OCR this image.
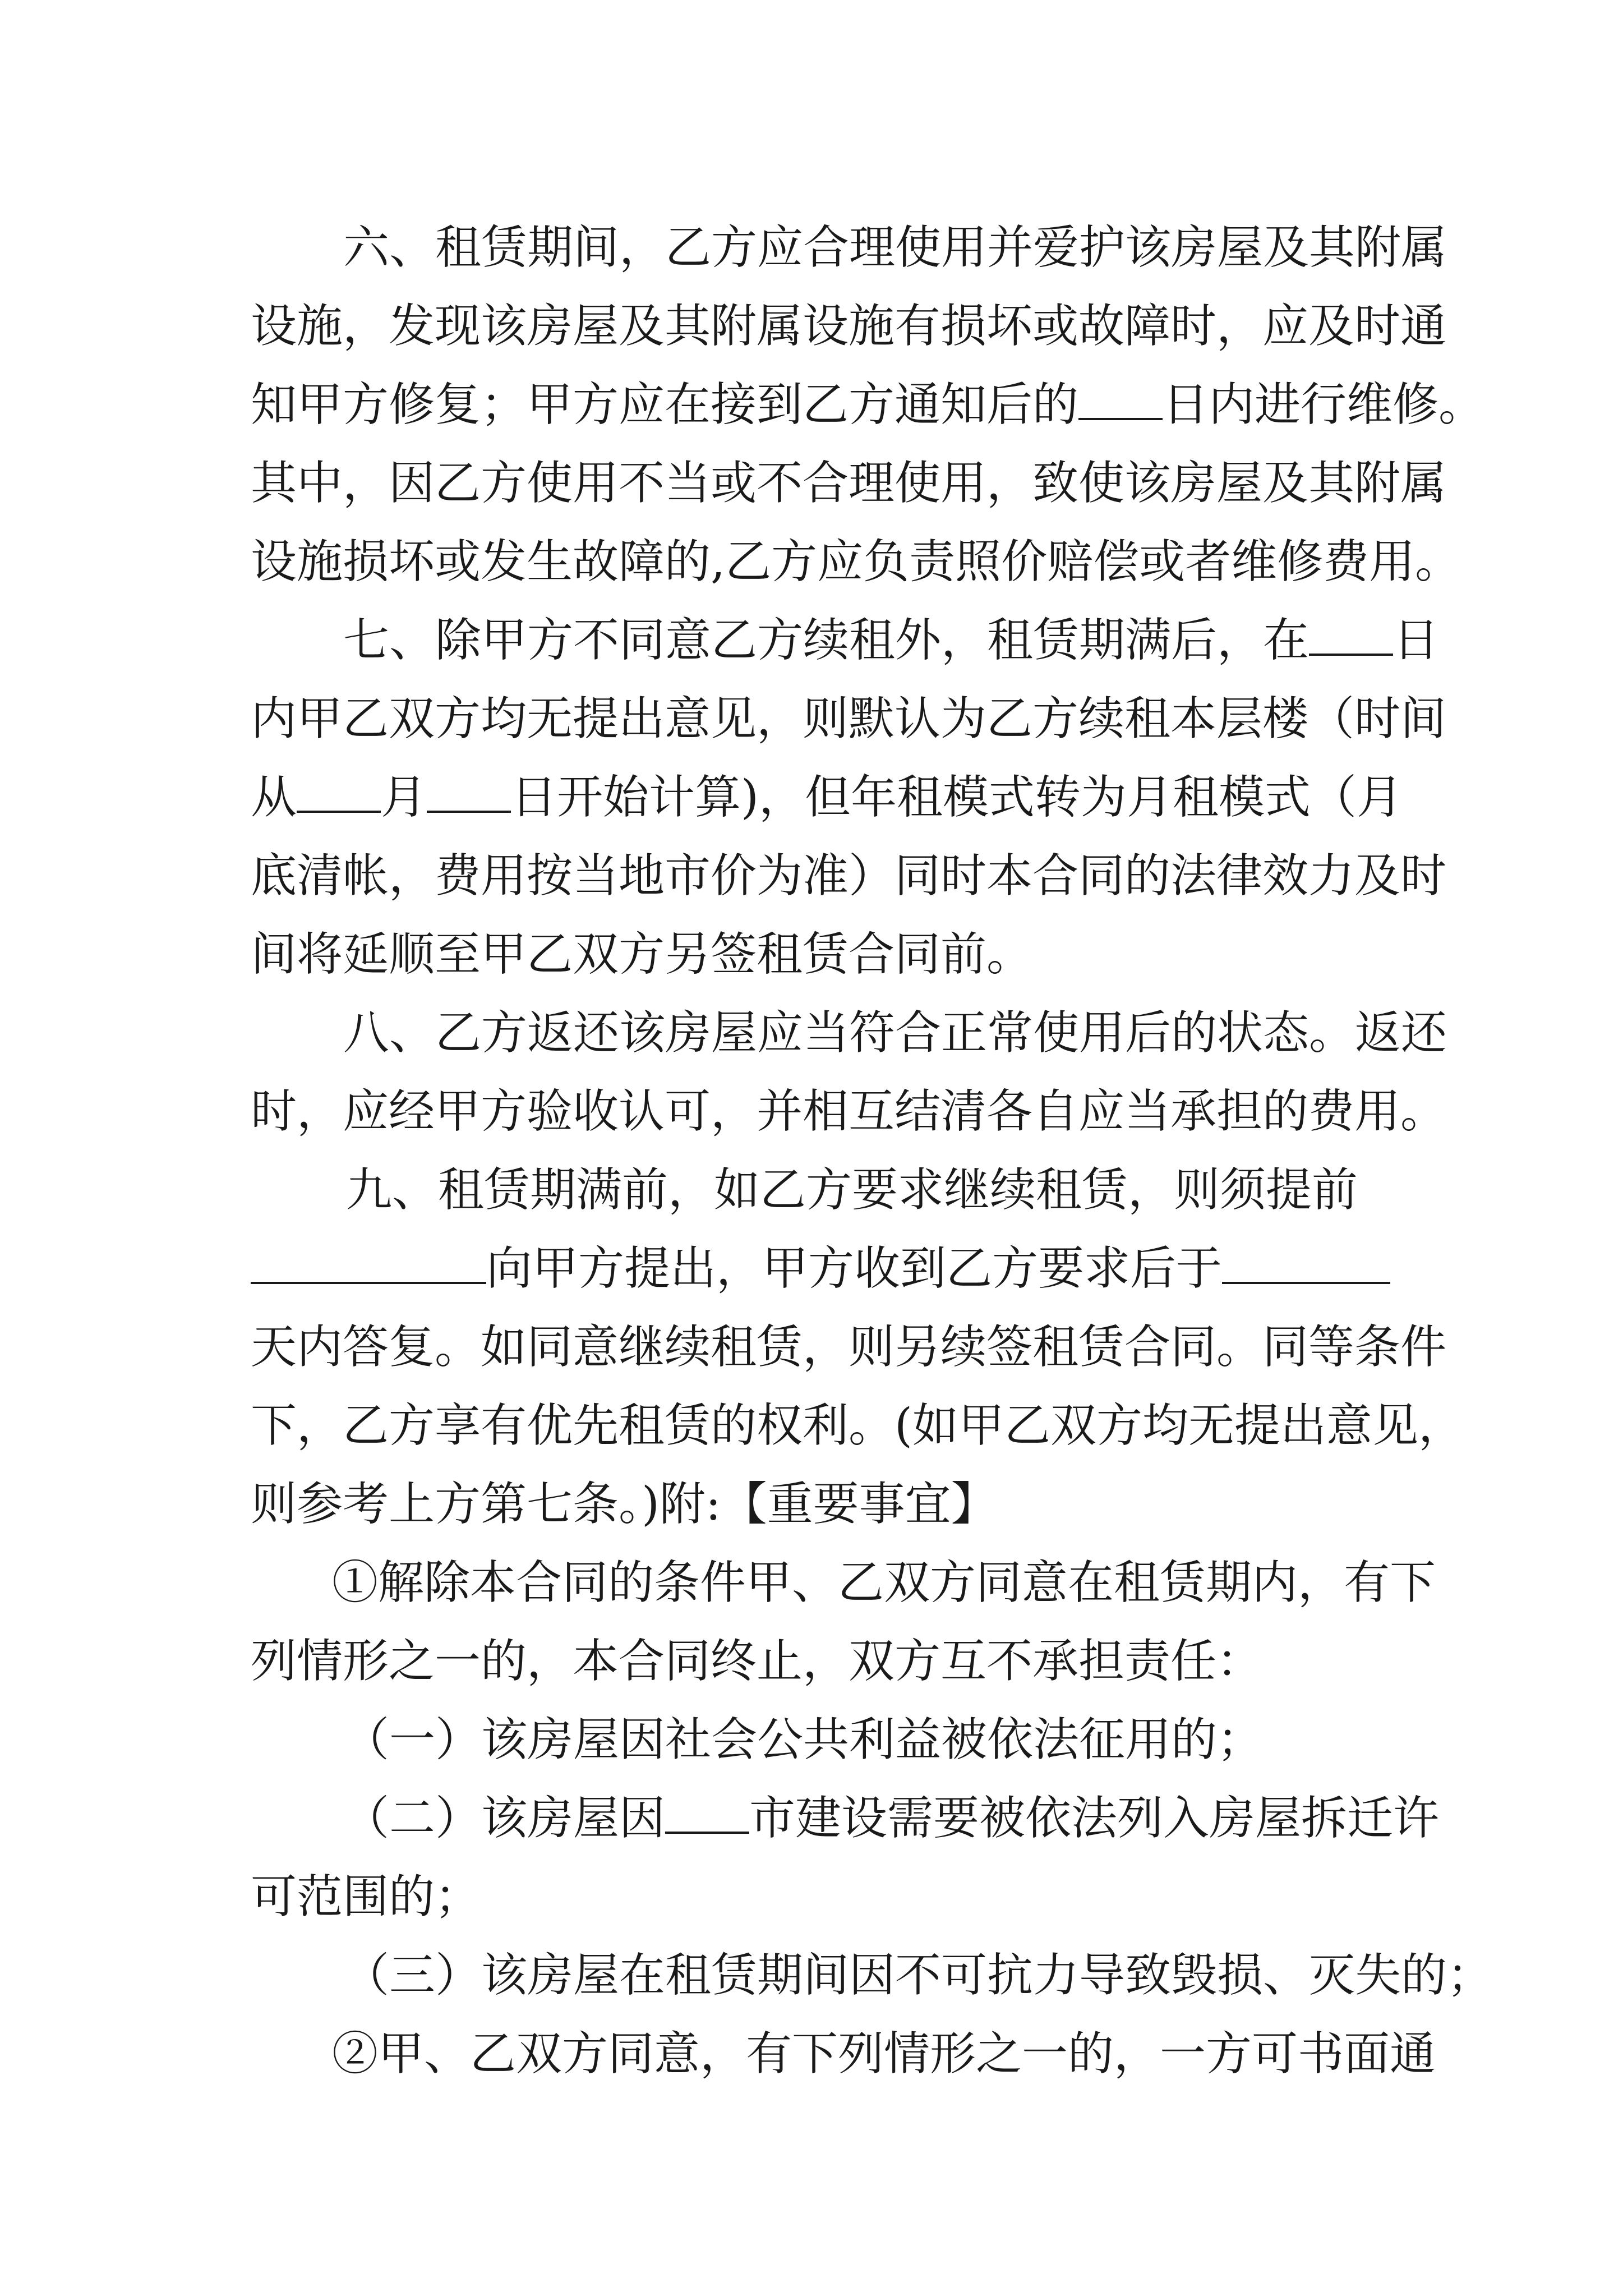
六、租赁期间，乙方应合理使用并爱护该房屋及其附属
设施，发现该房屋及其附属设施有损坏或故障时，应及时通
知甲方修复；甲方应在接到乙方通知后的 日内进行维修。
其中，因乙方使用不当或不合理使用，致使该房屋及其附属
设施损坏或发生故障的,乙方应负责照价赔偿或者维修费用。
七、除甲方不同意乙方续租外，租赁期满后，在 日
内甲乙双方均无提出意见，则默认为乙方续租本层楼（时间
从 月 日开始计算)，但年租模式转为月租模式（月
底清帐，费用按当地市价为准）同时本合同的法律效力及时
间将延顺至甲乙双方另签租赁合同前。
八、乙方返还该房屋应当符合正常使用后的状态。返还
时，应经甲方验收认可，并相互结清各自应当承担的费用。
九、租赁期满前，如乙方要求继续租赁，则须提前
向甲方提出，甲方收到乙方要求后于
天内答复。如同意继续租赁，则另续签租赁合同。同等条件
下，乙方享有优先租赁的权利。(如甲乙双方均无提出意见，
则参考上方第七条。)附:【重要事宜】
①解除本合同的条件甲、乙双方同意在租赁期内，有下
列情形之一的，本合同终止，双方互不承担责任：
（一）该房屋因社会公共利益被依法征用的；
（二）该房屋因 市建设需要被依法列入房屋拆迁许
可范围的；
（三）该房屋在租赁期间因不可抗力导致毁损、灭失的；
②甲、乙双方同意，有下列情形之一的，一方可书面通
